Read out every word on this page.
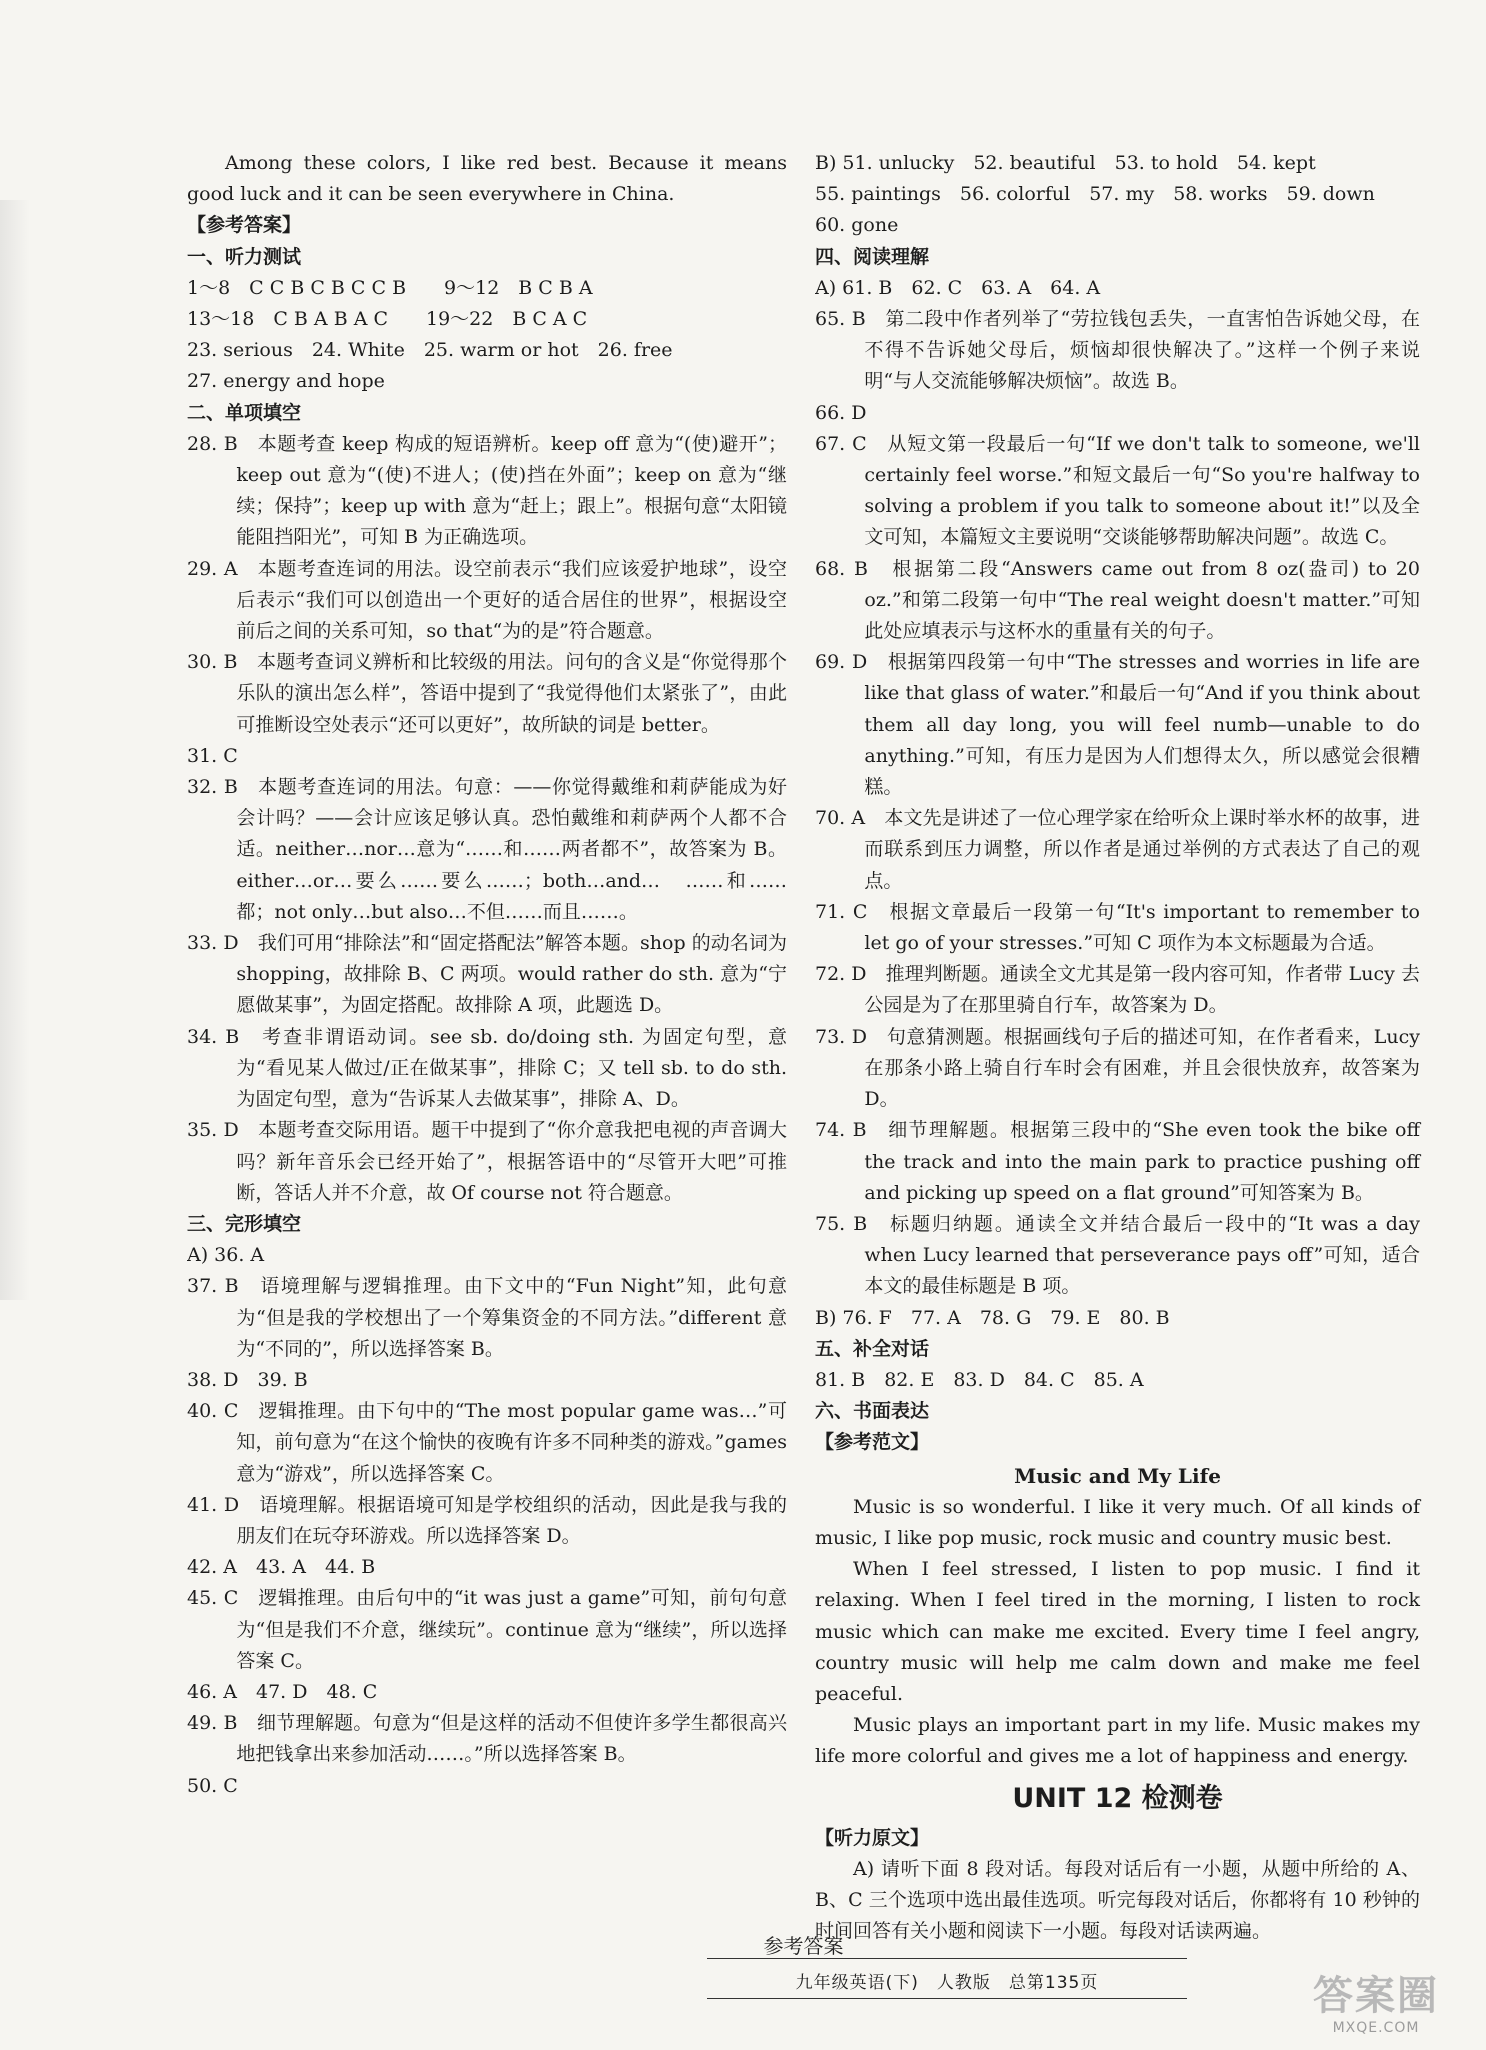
Among these colors, I like red best. Because it means good luck and it can be seen everywhere in China.
【参考答案】
一、听力测试
1～8　C C B C B C C B　　9～12　B C B A
13～18　C B A B A C　　19～22　B C A C
23. serious　24. White　25. warm or hot　26. free
27. energy and hope
二、单项填空
28. B　本题考查 keep 构成的短语辨析。keep off 意为“(使)避开”；keep out 意为“(使)不进人；(使)挡在外面”；keep on 意为“继续；保持”；keep up with 意为“赶上；跟上”。根据句意“太阳镜能阻挡阳光”，可知 B 为正确选项。
29. A　本题考查连词的用法。设空前表示“我们应该爱护地球”，设空后表示“我们可以创造出一个更好的适合居住的世界”，根据设空前后之间的关系可知，so that“为的是”符合题意。
30. B　本题考查词义辨析和比较级的用法。问句的含义是“你觉得那个乐队的演出怎么样”，答语中提到了“我觉得他们太紧张了”，由此可推断设空处表示“还可以更好”，故所缺的词是 better。
31. C
32. B　本题考查连词的用法。句意：——你觉得戴维和莉萨能成为好会计吗？——会计应该足够认真。恐怕戴维和莉萨两个人都不合适。neither…nor…意为“……和……两者都不”，故答案为 B。either…or…要么……要么……；both…and…　……和……都；not only…but also…不但……而且……。
33. D　我们可用“排除法”和“固定搭配法”解答本题。shop 的动名词为 shopping，故排除 B、C 两项。would rather do sth. 意为“宁愿做某事”，为固定搭配。故排除 A 项，此题选 D。
34. B　考查非谓语动词。see sb. do/doing sth. 为固定句型，意为“看见某人做过/正在做某事”，排除 C；又 tell sb. to do sth. 为固定句型，意为“告诉某人去做某事”，排除 A、D。
35. D　本题考查交际用语。题干中提到了“你介意我把电视的声音调大吗？新年音乐会已经开始了”，根据答语中的“尽管开大吧”可推断，答话人并不介意，故 Of course not 符合题意。
三、完形填空
A) 36. A
37. B　语境理解与逻辑推理。由下文中的“Fun Night”知，此句意为“但是我的学校想出了一个筹集资金的不同方法。”different 意为“不同的”，所以选择答案 B。
38. D　39. B
40. C　逻辑推理。由下句中的“The most popular game was…”可知，前句意为“在这个愉快的夜晚有许多不同种类的游戏。”games 意为“游戏”，所以选择答案 C。
41. D　语境理解。根据语境可知是学校组织的活动，因此是我与我的朋友们在玩夺环游戏。所以选择答案 D。
42. A　43. A　44. B
45. C　逻辑推理。由后句中的“it was just a game”可知，前句句意为“但是我们不介意，继续玩”。continue 意为“继续”，所以选择答案 C。
46. A　47. D　48. C
49. B　细节理解题。句意为“但是这样的活动不但使许多学生都很高兴地把钱拿出来参加活动……。”所以选择答案 B。
50. C
B) 51. unlucky　52. beautiful　53. to hold　54. kept
55. paintings　56. colorful　57. my　58. works　59. down
60. gone
四、阅读理解
A) 61. B　62. C　63. A　64. A
65. B　第二段中作者列举了“劳拉钱包丢失，一直害怕告诉她父母，在不得不告诉她父母后，烦恼却很快解决了。”这样一个例子来说明“与人交流能够解决烦恼”。故选 B。
66. D
67. C　从短文第一段最后一句“If we don't talk to someone, we'll certainly feel worse.”和短文最后一句“So you're halfway to solving a problem if you talk to someone about it!”以及全文可知，本篇短文主要说明“交谈能够帮助解决问题”。故选 C。
68. B　根据第二段“Answers came out from 8 oz(盎司) to 20 oz.”和第二段第一句中“The real weight doesn't matter.”可知此处应填表示与这杯水的重量有关的句子。
69. D　根据第四段第一句中“The stresses and worries in life are like that glass of water.”和最后一句“And if you think about them all day long, you will feel numb—unable to do anything.”可知，有压力是因为人们想得太久，所以感觉会很糟糕。
70. A　本文先是讲述了一位心理学家在给听众上课时举水杯的故事，进而联系到压力调整，所以作者是通过举例的方式表达了自己的观点。
71. C　根据文章最后一段第一句“It's important to remember to let go of your stresses.”可知 C 项作为本文标题最为合适。
72. D　推理判断题。通读全文尤其是第一段内容可知，作者带 Lucy 去公园是为了在那里骑自行车，故答案为 D。
73. D　句意猜测题。根据画线句子后的描述可知，在作者看来，Lucy 在那条小路上骑自行车时会有困难，并且会很快放弃，故答案为 D。
74. B　细节理解题。根据第三段中的“She even took the bike off the track and into the main park to practice pushing off and picking up speed on a flat ground”可知答案为 B。
75. B　标题归纳题。通读全文并结合最后一段中的“It was a day when Lucy learned that perseverance pays off”可知，适合本文的最佳标题是 B 项。
B) 76. F　77. A　78. G　79. E　80. B
五、补全对话
81. B　82. E　83. D　84. C　85. A
六、书面表达
【参考范文】
Music and My Life
Music is so wonderful. I like it very much. Of all kinds of music, I like pop music, rock music and country music best.
When I feel stressed, I listen to pop music. I find it relaxing. When I feel tired in the morning, I listen to rock music which can make me excited. Every time I feel angry, country music will help me calm down and make me feel peaceful.
Music plays an important part in my life. Music makes my life more colorful and gives me a lot of happiness and energy.
UNIT 12 检测卷
【听力原文】
A) 请听下面 8 段对话。每段对话后有一小题，从题中所给的 A、B、C 三个选项中选出最佳选项。听完每段对话后，你都将有 10 秒钟的时间回答有关小题和阅读下一小题。每段对话读两遍。
参考答案
九年级英语(下)　人教版　总第135页	答案圈
MXQE.COM
